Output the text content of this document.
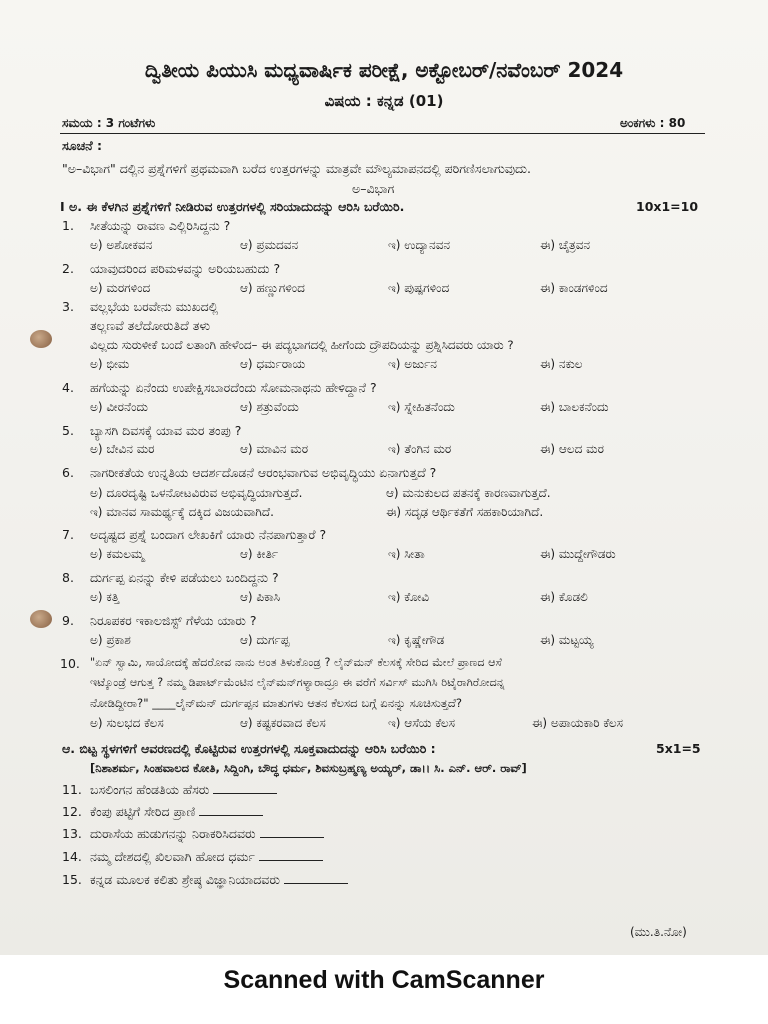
ದ್ವಿತೀಯ ಪಿಯುಸಿ ಮಧ್ಯವಾರ್ಷಿಕ ಪರೀಕ್ಷೆ, ಅಕ್ಟೋಬರ್/ನವೆಂಬರ್ 2024
ವಿಷಯ : ಕನ್ನಡ (01)
ಸಮಯ : 3 ಗಂಟೆಗಳು	ಅಂಕಗಳು : 80
ಸೂಚನೆ :
"ಅ–ವಿಭಾಗ" ದಲ್ಲಿನ ಪ್ರಶ್ನೆಗಳಿಗೆ ಪ್ರಥಮವಾಗಿ ಬರೆದ ಉತ್ತರಗಳನ್ನು ಮಾತ್ರವೇ ಮೌಲ್ಯಮಾಪನದಲ್ಲಿ ಪರಿಗಣಿಸಲಾಗುವುದು.
ಅ–ವಿಭಾಗ
I ಅ. ಈ ಕೆಳಗಿನ ಪ್ರಶ್ನೆಗಳಿಗೆ ನೀಡಿರುವ ಉತ್ತರಗಳಲ್ಲಿ ಸರಿಯಾದುದನ್ನು ಆರಿಸಿ ಬರೆಯಿರಿ.	10x1=10
1. ಸೀತೆಯನ್ನು ರಾವಣ ಎಲ್ಲಿರಿಸಿದ್ದನು ?
ಅ) ಅಶೋಕವನ	ಆ) ಪ್ರಮದವನ	ಇ) ಉದ್ಯಾನವನ	ಈ) ಚೈತ್ರವನ
2. ಯಾವುದರಿಂದ ಪರಿಮಳವನ್ನು ಅರಿಯಬಹುದು ?
ಅ) ಮರಗಳಿಂದ	ಆ) ಹಣ್ಣುಗಳಿಂದ	ಇ) ಪುಷ್ಪಗಳಿಂದ	ಈ) ಕಾಂಡಗಳಿಂದ
3. ವಲ್ಲಭೆಯ ಬರವೇನು ಮುಖದಲ್ಲಿ
ತಲ್ಲಣವೆ ತಲೆದೋರುತಿದೆ ತಳು
ವಿಲ್ಲದು ಸುರುಳೀಕೆ ಬಂದೆ ಲತಾಂಗಿ ಹೇಳೆಂದ– ಈ ಪದ್ಯಭಾಗದಲ್ಲಿ ಹೀಗೆಂದು ದ್ರೌಪದಿಯನ್ನು ಪ್ರಶ್ನಿಸಿದವರು ಯಾರು ?
ಅ) ಭೀಮ	ಆ) ಧರ್ಮರಾಯ	ಇ) ಅರ್ಜುನ	ಈ) ನಕುಲ
4. ಹಗೆಯನ್ನು ಏನೆಂದು ಉಪೇಕ್ಷಿಸಬಾರದೆಂದು ಸೋಮನಾಥನು ಹೇಳಿದ್ದಾನೆ ?
ಅ) ವೀರನೆಂದು	ಆ) ಶತ್ರುವೆಂದು	ಇ) ಸ್ನೇಹಿತನೆಂದು	ಈ) ಬಾಲಕನೆಂದು
5. ಬ್ಯಾಸಗಿ ದಿವಸಕ್ಕೆ ಯಾವ ಮರ ತಂಪು ?
ಅ) ಬೇವಿನ ಮರ	ಆ) ಮಾವಿನ ಮರ	ಇ) ತೆಂಗಿನ ಮರ	ಈ) ಆಲದ ಮರ
6. ನಾಗರೀಕತೆಯ ಉನ್ನತಿಯ ಆದರ್ಶದೊಡನೆ ಆರಂಭವಾಗುವ ಅಭಿವೃದ್ಧಿಯು ಏನಾಗುತ್ತದೆ ?
ಅ) ದೂರದೃಷ್ಟಿ ಒಳನೋಟವಿರುವ ಅಭಿವೃದ್ಧಿಯಾಗುತ್ತದೆ.	ಆ) ಮನುಕುಲದ ಪತನಕ್ಕೆ ಕಾರಣವಾಗುತ್ತದೆ.
ಇ) ಮಾನವ ಸಾಮರ್ಥ್ಯಕ್ಕೆ ದಕ್ಕಿದ ವಿಜಯವಾಗಿದೆ.	ಈ) ಸದೃಢ ಆರ್ಥಿಕತೆಗೆ ಸಹಕಾರಿಯಾಗಿದೆ.
7. ಅದೃಷ್ಟದ ಪ್ರಶ್ನೆ ಬಂದಾಗ ಲೇಖಕಿಗೆ ಯಾರು ನೆನಪಾಗುತ್ತಾರೆ ?
ಅ) ಕಮಲಮ್ಮ	ಆ) ಕೀರ್ತಿ	ಇ) ಸೀತಾ	ಈ) ಮುದ್ದೇಗೌಡರು
8. ದುರ್ಗಪ್ಪ ಏನನ್ನು ಕೇಳಿ ಪಡೆಯಲು ಬಂದಿದ್ದನು ?
ಅ) ಕತ್ತಿ	ಆ) ಪಿಕಾಸಿ	ಇ) ಕೋವಿ	ಈ) ಕೊಡಲಿ
9. ನಿರೂಪಕರ ಇಕಾಲಜಿಸ್ಟ್ ಗೆಳೆಯ ಯಾರು ?
ಅ) ಪ್ರಕಾಶ	ಆ) ದುರ್ಗಪ್ಪ	ಇ) ಕೃಷ್ಣೇಗೌಡ	ಈ) ಮಟ್ಟಯ್ಯ
10. "ಏನ್ ಸ್ವಾಮಿ, ಸಾಯೋದಕ್ಕೆ ಹೆದರೋವ ನಾನು ಅಂತ ತಿಳುಕೊಂಡ್ರ ? ಲೈನ್‌ಮನ್ ಕೆಲಸಕ್ಕೆ ಸೇರಿದ ಮೇಲೆ ಪ್ರಾಣದ ಆಸೆ
ಇಟ್ಕೊಂಡ್ರೆ ಆಗುತ್ತ ? ನಮ್ಮ ಡಿಪಾರ್ಟ್‌ಮೆಂಟಿನ ಲೈನ್‌ಮನ್‌ಗಳ್ಯಾರಾದ್ರೂ ಈ ವರೆಗೆ ಸರ್ವಿಸ್ ಮುಗಿಸಿ ರಿಟೈರಾಗಿರೋದನ್ನ
ನೋಡಿದ್ದೀರಾ?" ____ಲೈನ್‌ಮನ್ ದುರ್ಗಪ್ಪನ ಮಾತುಗಳು ಆತನ ಕೆಲಸದ ಬಗ್ಗೆ ಏನನ್ನು ಸೂಚಿಸುತ್ತದೆ?
ಅ) ಸುಲಭದ ಕೆಲಸ	ಆ) ಕಷ್ಟಕರವಾದ ಕೆಲಸ	ಇ) ಆಸೆಯ ಕೆಲಸ	ಈ) ಅಪಾಯಕಾರಿ ಕೆಲಸ
ಆ. ಬಿಟ್ಟ ಸ್ಥಳಗಳಿಗೆ ಆವರಣದಲ್ಲಿ ಕೊಟ್ಟಿರುವ ಉತ್ತರಗಳಲ್ಲಿ ಸೂಕ್ತವಾದುದನ್ನು ಆರಿಸಿ ಬರೆಯಿರಿ :	5x1=5
[ನಿಶಾಶರ್ಮ, ಸಿಂಹವಾಲದ ಕೋತಿ, ಸಿದ್ದಿಂಗಿ, ಬೌದ್ಧ ಧರ್ಮ, ಶಿವಸುಬ್ರಹ್ಮಣ್ಯ ಅಯ್ಯರ್, ಡಾ।। ಸಿ. ಎನ್. ಆರ್. ರಾವ್]
11. ಬಸಲಿಂಗನ ಹೆಂಡತಿಯ ಹೆಸರು
12. ಕೆಂಪು ಪಟ್ಟಿಗೆ ಸೇರಿದ ಪ್ರಾಣಿ
13. ದುರಾಸೆಯ ಹುಡುಗನನ್ನು ನಿರಾಕರಿಸಿದವರು
14. ನಮ್ಮ ದೇಶದಲ್ಲಿ ಖಿಲವಾಗಿ ಹೋದ ಧರ್ಮ
15. ಕನ್ನಡ ಮೂಲಕ ಕಲಿತು ಶ್ರೇಷ್ಠ ವಿಜ್ಞಾನಿಯಾದವರು
(ಮು.ತಿ.ನೋ)
Scanned with CamScanner
